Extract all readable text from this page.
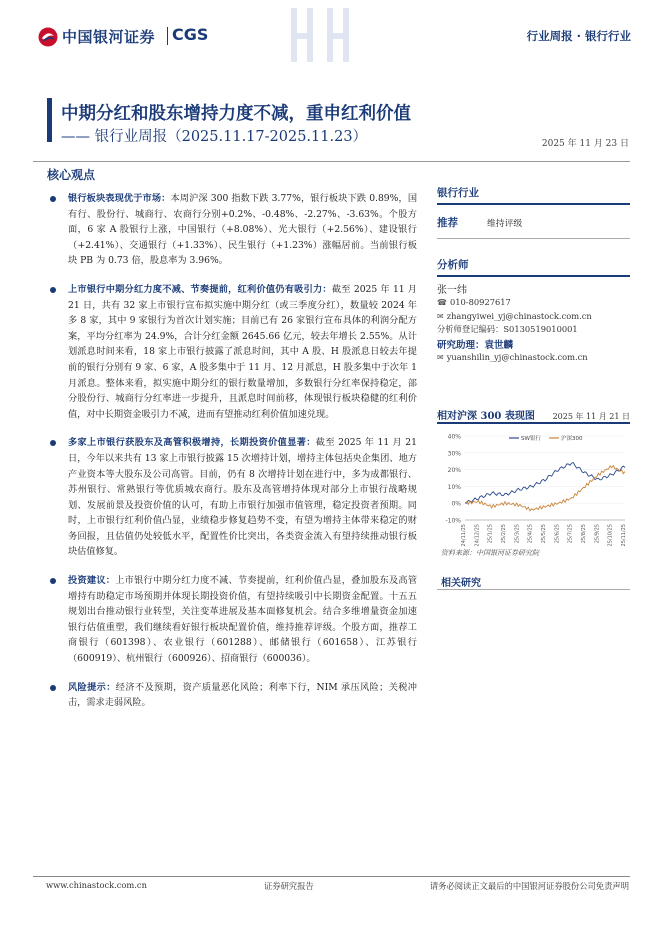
中国银河证券 CGS	行业周报 · 银行行业
中期分红和股东增持力度不减，重申红利价值
—— 银行业周报（2025.11.17-2025.11.23）	2025 年 11 月 23 日
核心观点
银行板块表现优于市场：本周沪深 300 指数下跌 3.77%，银行板块下跌 0.89%，国有行、股份行、城商行、农商行分别+0.2%、-0.48%、-2.27%、-3.63%。个股方面，6 家 A 股银行上涨，中国银行（+8.08%）、光大银行（+2.56%）、建设银行（+2.41%）、交通银行（+1.33%）、民生银行（+1.23%）涨幅居前。当前银行板块 PB 为 0.73 倍，股息率为 3.96%。
上市银行中期分红力度不减、节奏提前，红利价值仍有吸引力：截至 2025 年 11 月 21 日，共有 32 家上市银行宣布拟实施中期分红（或三季度分红），数量较 2024 年多 8 家，其中 9 家银行为首次计划实施；目前已有 26 家银行宣布具体的利润分配方案，平均分红率为 24.9%，合计分红金额 2645.66 亿元，较去年增长 2.55%。从计划派息时间来看，18 家上市银行披露了派息时间，其中 A 股、H 股派息日较去年提前的银行分别有 9 家、6 家，A 股多集中于 11 月、12 月派息，H 股多集中于次年 1 月派息。整体来看，拟实施中期分红的银行数量增加，多数银行分红率保持稳定，部分股份行、城商行分红率进一步提升，且派息时间前移，体现银行板块稳健的红利价值，对中长期资金吸引力不减，进而有望推动红利价值加速兑现。
多家上市银行获股东及高管积极增持，长期投资价值显著：截至 2025 年 11 月 21 日，今年以来共有 13 家上市银行披露 15 次增持计划，增持主体包括央企集团、地方产业资本等大股东及公司高管。目前，仍有 8 次增持计划在进行中，多为成都银行、苏州银行、常熟银行等优质城农商行。股东及高管增持体现对部分上市银行战略规划、发展前景及投资价值的认可，有助上市银行加强市值管理，稳定投资者预期。同时，上市银行红利价值凸显，业绩稳步修复趋势不变，有望为增持主体带来稳定的财务回报，且估值仍处较低水平，配置性价比突出，各类资金流入有望持续推动银行板块估值修复。
投资建议：上市银行中期分红力度不减、节奏提前，红利价值凸显，叠加股东及高管增持有助稳定市场预期并体现长期投资价值，有望持续吸引中长期资金配置。十五五规划出台推动银行业转型，关注变革进展及基本面修复机会。结合多维增量资金加速银行估值重塑，我们继续看好银行板块配置价值，维持推荐评级。个股方面，推荐工商银行（601398）、农业银行（601288）、邮储银行（601658）、江苏银行（600919）、杭州银行（600926）、招商银行（600036）。
风险提示：经济不及预期，资产质量恶化风险；利率下行，NIM 承压风险；关税冲击，需求走弱风险。
银行行业
推荐	维持评级
分析师
张一纬
☎ 010-80927617
✉ zhangyiwei_yj@chinastock.com.cn
分析师登记编码：S0130519010001
研究助理：袁世麟
✉ yuanshilin_yj@chinastock.com.cn
相对沪深 300 表现图 2025 年 11 月 21 日
40%
30%
20%
10%
0%
-10%
24/11/25 24/12/25 25/1/25 25/2/25 25/3/25 25/4/25 25/5/25 25/6/25 25/7/25 25/8/25 25/9/25 25/10/25 25/11/25
SW银行	沪深300
资料来源：中国银河证券研究院
相关研究
www.chinastock.com.cn	证券研究报告	请务必阅读正文最后的中国银河证券股份公司免责声明
